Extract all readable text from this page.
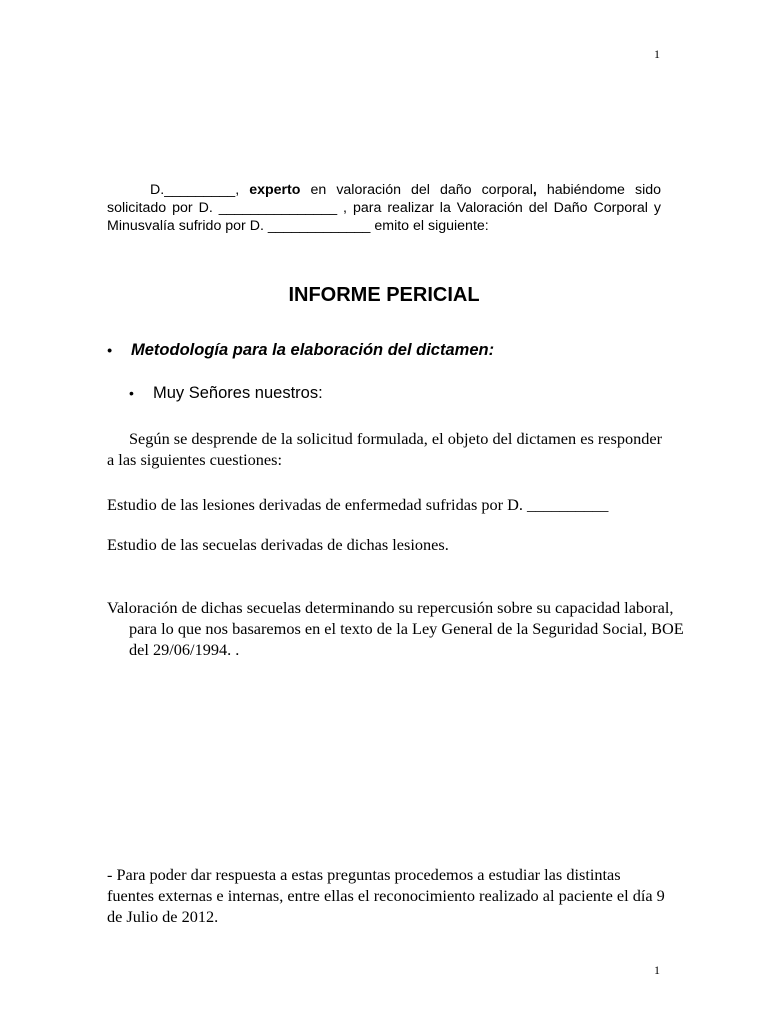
1

D._________, experto en valoración del daño corporal, habiéndome sido solicitado por D. _______________ , para realizar la Valoración del Daño Corporal y Minusvalía sufrido por D. _____________ emito el siguiente:

INFORME PERICIAL
•	Metodología para la elaboración del dictamen:
•	Muy Señores nuestros:

Según se desprende de la solicitud formulada, el objeto del dictamen es responder a las siguientes cuestiones:

Estudio de las lesiones derivadas de enfermedad sufridas por D. __________

Estudio de las secuelas derivadas de dichas lesiones.

Valoración de dichas secuelas determinando su repercusión sobre su capacidad laboral, para lo que nos basaremos en el texto de la Ley General de la Seguridad Social, BOE del 29/06/1994. .

- Para poder dar respuesta a estas preguntas procedemos a estudiar las distintas fuentes externas e internas, entre ellas el reconocimiento realizado al paciente el día 9 de Julio de 2012.

1
